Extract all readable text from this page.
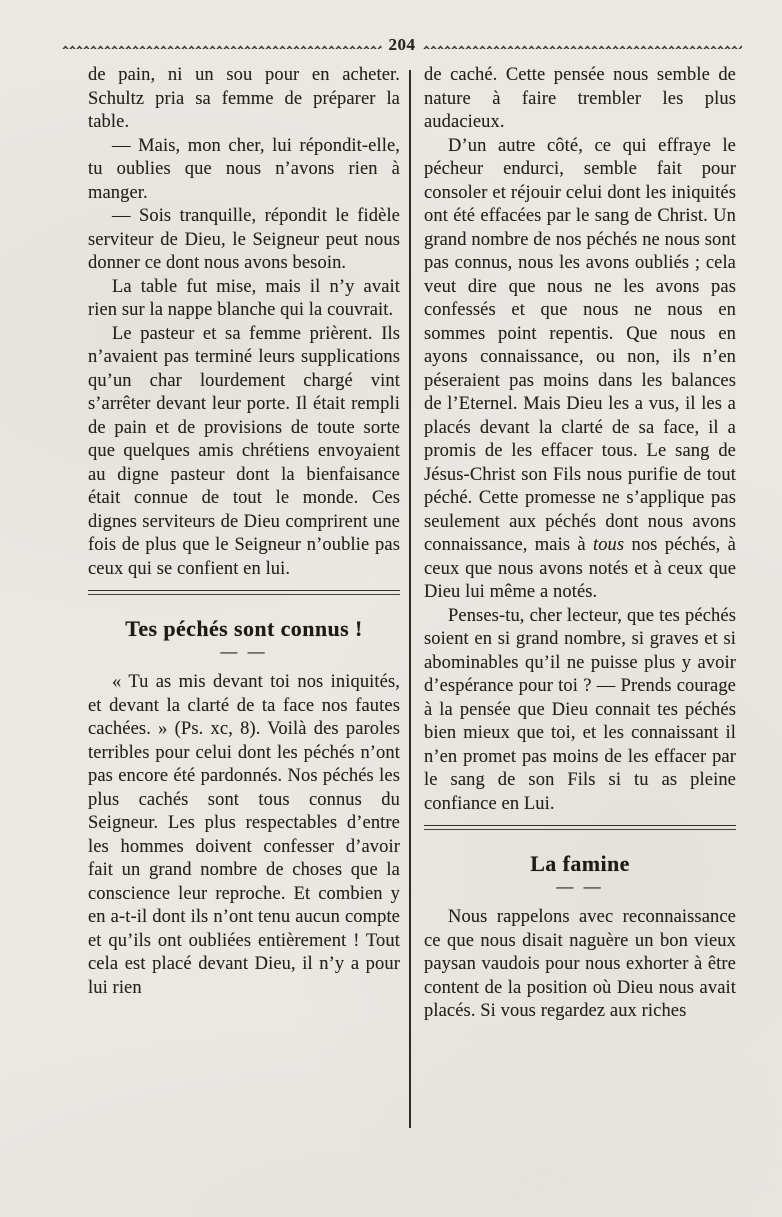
204

de pain, ni un sou pour en acheter. Schultz pria sa femme de préparer la table.

— Mais, mon cher, lui répondit-elle, tu oublies que nous n’avons rien à manger.

— Sois tranquille, répondit le fidèle serviteur de Dieu, le Seigneur peut nous donner ce dont nous avons besoin.

La table fut mise, mais il n’y avait rien sur la nappe blanche qui la couvrait.

Le pasteur et sa femme prièrent. Ils n’avaient pas terminé leurs supplications qu’un char lourdement chargé vint s’arrêter devant leur porte. Il était rempli de pain et de provisions de toute sorte que quelques amis chrétiens envoyaient au digne pasteur dont la bienfaisance était connue de tout le monde. Ces dignes serviteurs de Dieu comprirent une fois de plus que le Seigneur n’oublie pas ceux qui se confient en lui.

Tes péchés sont connus !
— —

« Tu as mis devant toi nos iniquités, et devant la clarté de ta face nos fautes cachées. » (Ps. xc, 8). Voilà des paroles terribles pour celui dont les péchés n’ont pas encore été pardonnés. Nos péchés les plus cachés sont tous connus du Seigneur. Les plus respectables d’entre les hommes doivent confesser d’avoir fait un grand nombre de choses que la conscience leur reproche. Et combien y en a-t-il dont ils n’ont tenu aucun compte et qu’ils ont oubliées entièrement ! Tout cela est placé devant Dieu, il n’y a pour lui rien

de caché. Cette pensée nous semble de nature à faire trembler les plus audacieux.

D’un autre côté, ce qui effraye le pécheur endurci, semble fait pour consoler et réjouir celui dont les iniquités ont été effacées par le sang de Christ. Un grand nombre de nos péchés ne nous sont pas connus, nous les avons oubliés ; cela veut dire que nous ne les avons pas confessés et que nous ne nous en sommes point repentis. Que nous en ayons connaissance, ou non, ils n’en péseraient pas moins dans les balances de l’Eternel. Mais Dieu les a vus, il les a placés devant la clarté de sa face, il a promis de les effacer tous. Le sang de Jésus-Christ son Fils nous purifie de tout péché. Cette promesse ne s’applique pas seulement aux péchés dont nous avons connaissance, mais à tous nos péchés, à ceux que nous avons notés et à ceux que Dieu lui même a notés.

Penses-tu, cher lecteur, que tes péchés soient en si grand nombre, si graves et si abominables qu’il ne puisse plus y avoir d’espérance pour toi ? — Prends courage à la pensée que Dieu connait tes péchés bien mieux que toi, et les connaissant il n’en promet pas moins de les effacer par le sang de son Fils si tu as pleine confiance en Lui.

La famine
— —

Nous rappelons avec reconnaissance ce que nous disait naguère un bon vieux paysan vaudois pour nous exhorter à être content de la position où Dieu nous avait placés. Si vous regardez aux riches
